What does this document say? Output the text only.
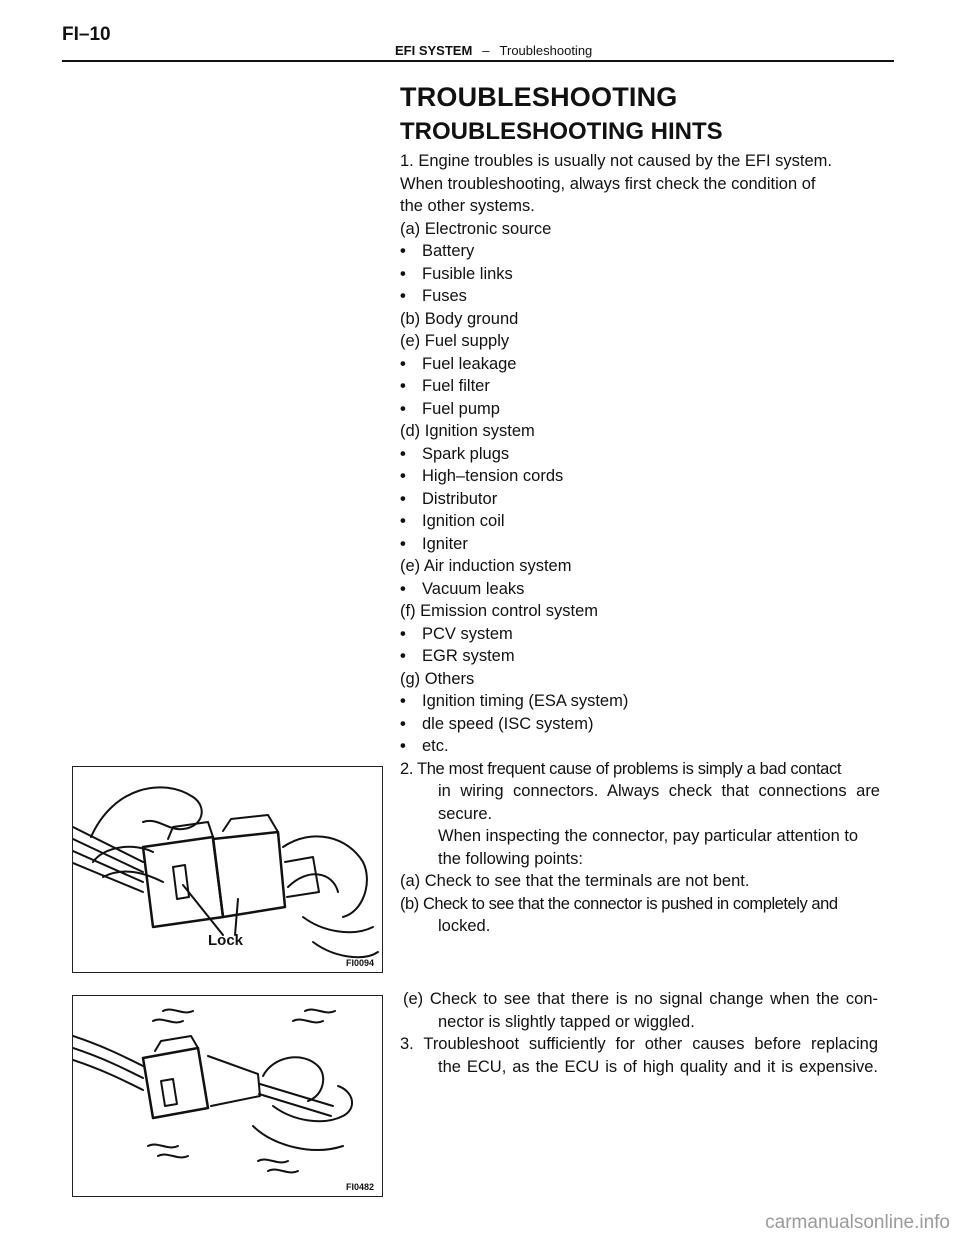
FI–10
EFI SYSTEM – Troubleshooting
TROUBLESHOOTING
TROUBLESHOOTING HINTS
1. Engine troubles is usually not caused by the EFI system.
When troubleshooting, always first check the condition of
the other systems.
(a) Electronic source
• Battery
• Fusible links
• Fuses
(b) Body ground
(e) Fuel supply
• Fuel leakage
• Fuel filter
• Fuel pump
(d) Ignition system
• Spark plugs
• High–tension cords
• Distributor
• Ignition coil
• Igniter
(e) Air induction system
• Vacuum leaks
(f) Emission control system
• PCV system
• EGR system
(g) Others
• Ignition timing (ESA system)
• dle speed (ISC system)
• etc.
2. The most frequent cause of problems is simply a bad contact
in wiring connectors. Always check that connections are
secure.
When inspecting the connector, pay particular attention to
the following points:
(a) Check to see that the terminals are not bent.
(b) Check to see that the connector is pushed in completely and
locked.
(e) Check to see that there is no signal change when the con-
nector is slightly tapped or wiggled.
3. Troubleshoot sufficiently for other causes before replacing
the ECU, as the ECU is of high quality and it is expensive.
Lock
FI0094
FI0482
carmanualsonline.info
